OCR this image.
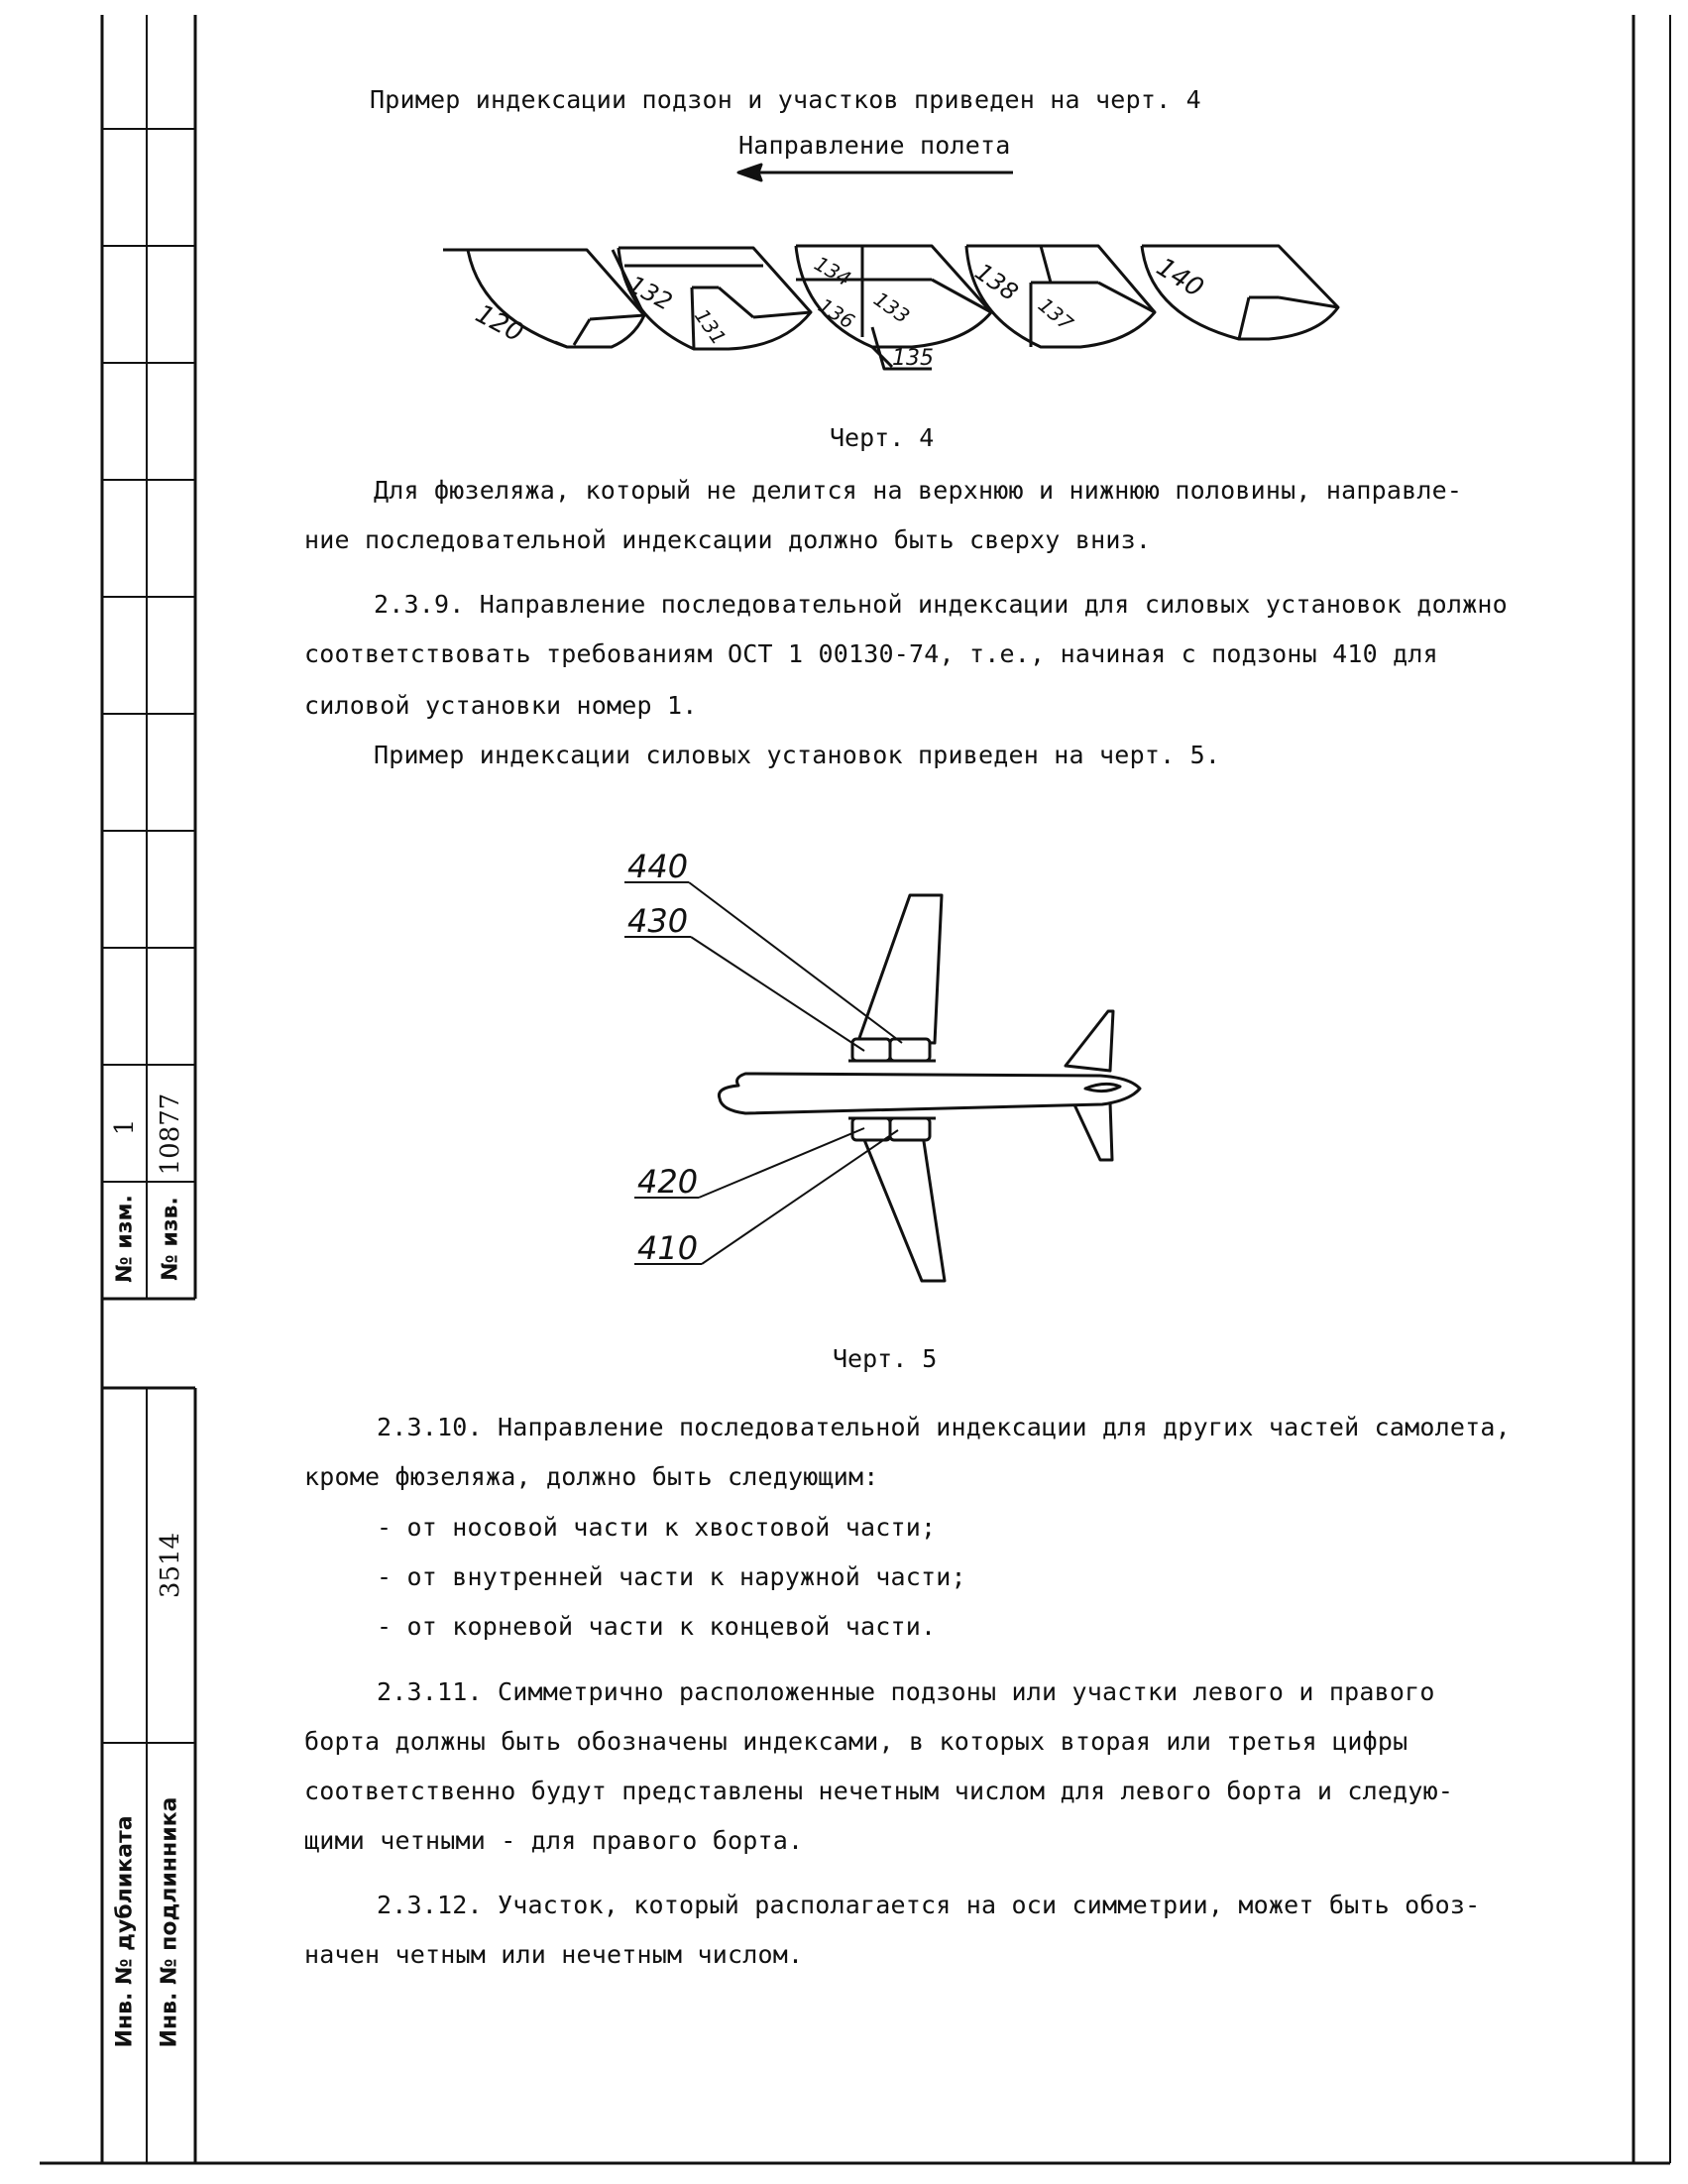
№ изм.
1
№ изв.
10877
Инв. № дубликата Инв. № подлинника
3514
Пример индексации подзон и участков приведен на черт. 4
Направление полета
120
132
131
134
136 133
135
138
137
140
Черт. 4
Для фюзеляжа, который не делится на верхнюю и нижнюю половины, направле-
ние последовательной индексации должно быть сверху вниз.
2.3.9. Направление последовательной индексации для силовых установок должно
соответствовать требованиям ОСТ 1 00130-74, т.е., начиная с подзоны 410 для
силовой установки номер 1.
Пример индексации силовых установок приведен на черт. 5.
440
430
420
410
Черт. 5
2.3.10. Направление последовательной индексации для других частей самолета,
кроме фюзеляжа, должно быть следующим:
- от носовой части к хвостовой части;
- от внутренней части к наружной части;
- от корневой части к концевой части.
2.3.11. Симметрично расположенные подзоны или участки левого и правого
борта должны быть обозначены индексами, в которых вторая или третья цифры
соответственно будут представлены нечетным числом для левого борта и следую-
щими четными - для правого борта.
2.3.12. Участок, который располагается на оси симметрии, может быть обоз-
начен четным или нечетным числом.
